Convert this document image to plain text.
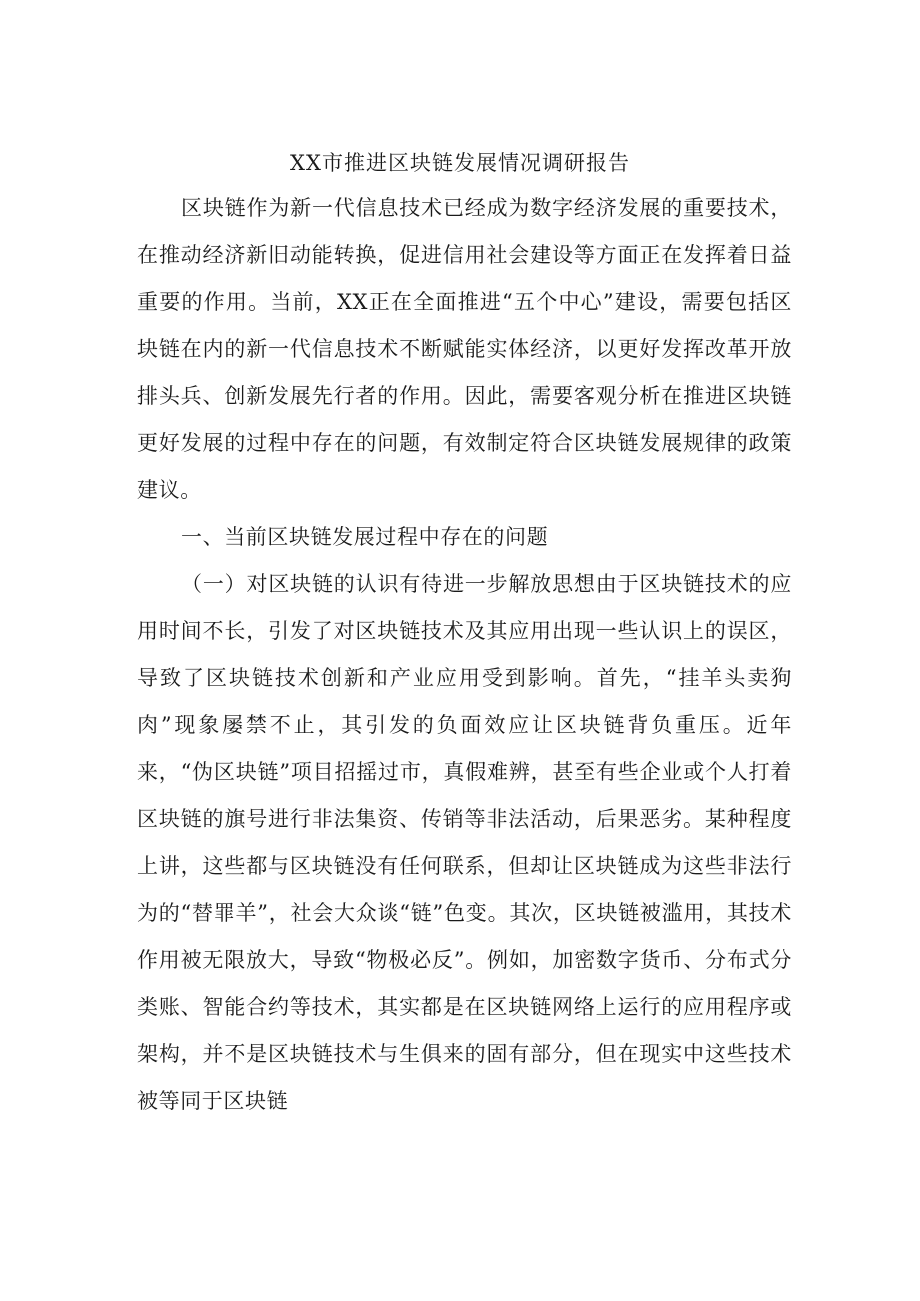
XX市推进区块链发展情况调研报告

区块链作为新一代信息技术已经成为数字经济发展的重要技术，在推动经济新旧动能转换，促进信用社会建设等方面正在发挥着日益重要的作用。当前，XX正在全面推进“五个中心”建设，需要包括区块链在内的新一代信息技术不断赋能实体经济，以更好发挥改革开放排头兵、创新发展先行者的作用。因此，需要客观分析在推进区块链更好发展的过程中存在的问题，有效制定符合区块链发展规律的政策建议。

一、当前区块链发展过程中存在的问题

（一）对区块链的认识有待进一步解放思想由于区块链技术的应用时间不长，引发了对区块链技术及其应用出现一些认识上的误区，导致了区块链技术创新和产业应用受到影响。首先，“挂羊头卖狗肉”现象屡禁不止，其引发的负面效应让区块链背负重压。近年来，“伪区块链”项目招摇过市，真假难辨，甚至有些企业或个人打着区块链的旗号进行非法集资、传销等非法活动，后果恶劣。某种程度上讲，这些都与区块链没有任何联系，但却让区块链成为这些非法行为的“替罪羊”，社会大众谈“链”色变。其次，区块链被滥用，其技术作用被无限放大，导致“物极必反”。例如，加密数字货币、分布式分类账、智能合约等技术，其实都是在区块链网络上运行的应用程序或架构，并不是区块链技术与生俱来的固有部分，但在现实中这些技术被等同于区块链
